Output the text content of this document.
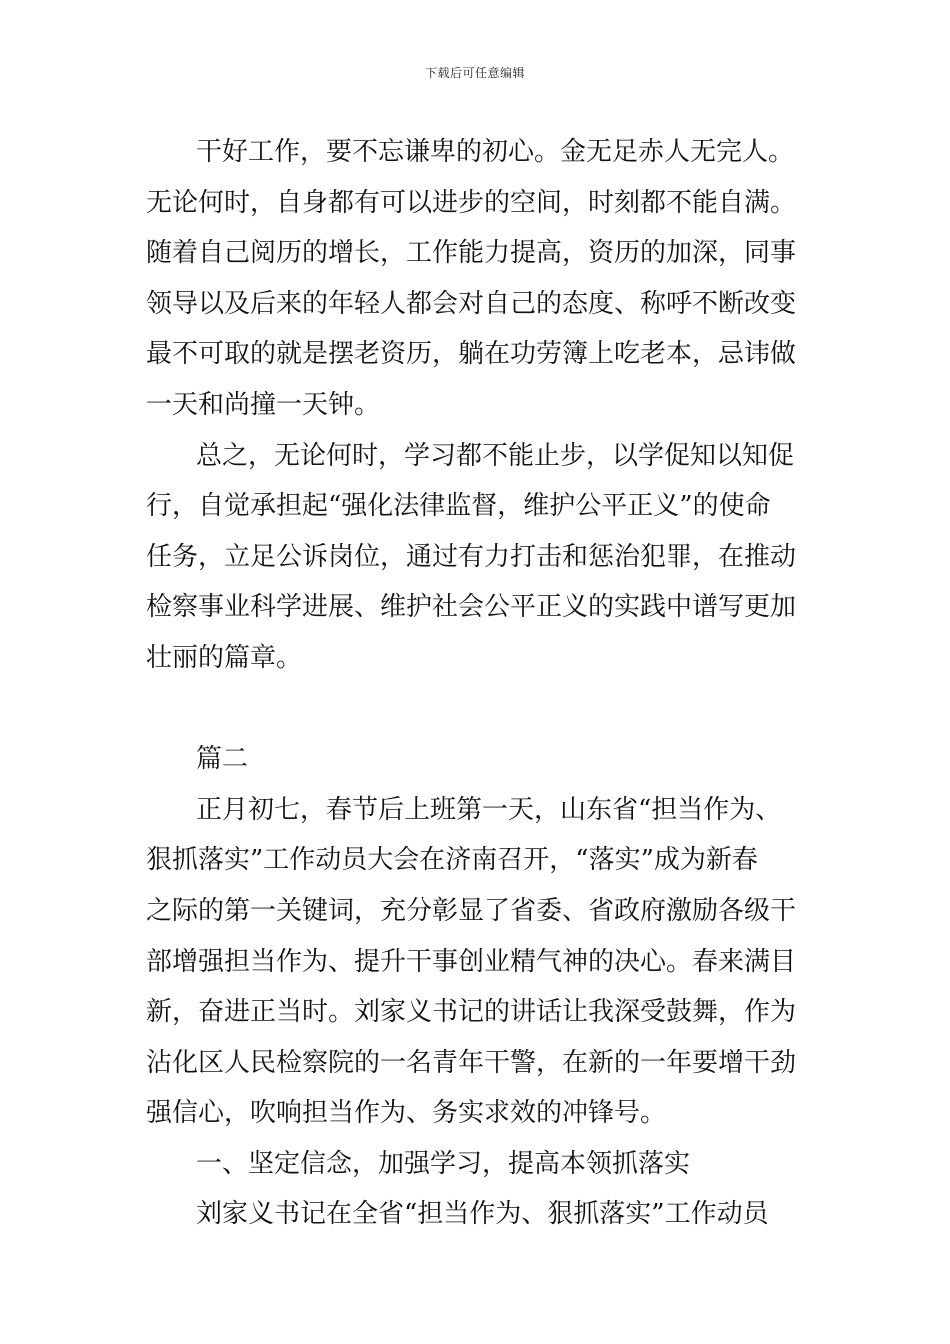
下载后可任意编辑
干好工作，要不忘谦卑的初心。金无足赤人无完人。
无论何时，自身都有可以进步的空间，时刻都不能自满。
随着自己阅历的增长，工作能力提高，资历的加深，同事
领导以及后来的年轻人都会对自己的态度、称呼不断改变
最不可取的就是摆老资历，躺在功劳簿上吃老本，忌讳做
一天和尚撞一天钟。
总之，无论何时，学习都不能止步，以学促知以知促
行，自觉承担起“强化法律监督，维护公平正义”的使命
任务，立足公诉岗位，通过有力打击和惩治犯罪，在推动
检察事业科学进展、维护社会公平正义的实践中谱写更加
壮丽的篇章。
篇二
正月初七，春节后上班第一天，山东省“担当作为、
狠抓落实”工作动员大会在济南召开，“落实”成为新春
之际的第一关键词，充分彰显了省委、省政府激励各级干
部增强担当作为、提升干事创业精气神的决心。春来满目
新，奋进正当时。刘家义书记的讲话让我深受鼓舞，作为
沾化区人民检察院的一名青年干警，在新的一年要增干劲
强信心，吹响担当作为、务实求效的冲锋号。
一、坚定信念，加强学习，提高本领抓落实
刘家义书记在全省“担当作为、狠抓落实”工作动员
